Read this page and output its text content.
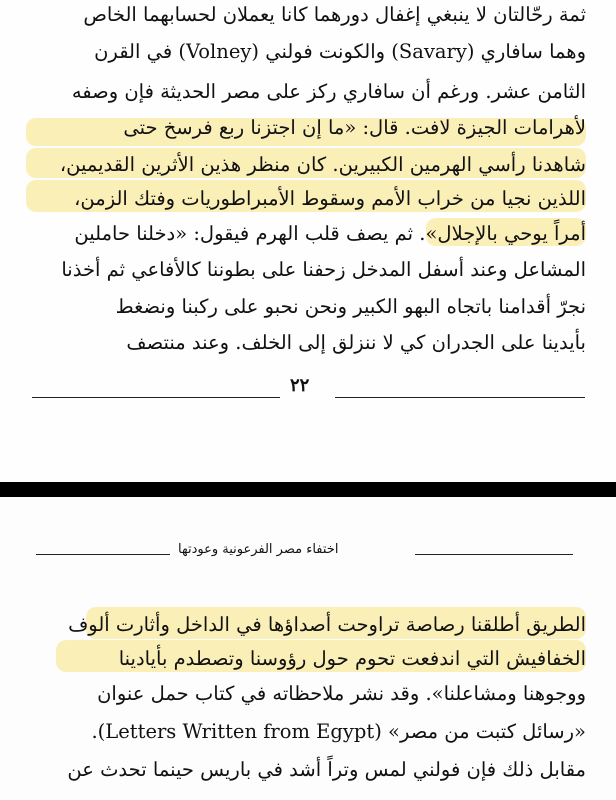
ثمة رحّالتان لا ينبغي إغفال دورهما كانا يعملان لحسابهما الخاص
وهما سافاري (Savary) والكونت فولني (Volney) في القرن
الثامن عشر. ورغم أن سافاري ركز على مصر الحديثة فإن وصفه
لأهرامات الجيزة لافت. قال: «ما إن اجتزنا ربع فرسخ حتى
شاهدنا رأسي الهرمين الكبيرين. كان منظر هذين الأثرين القديمين،
اللذين نجيا من خراب الأمم وسقوط الأمبراطوريات وفتك الزمن،
أمراً يوحي بالإجلال». ثم يصف قلب الهرم فيقول: «دخلنا حاملين
المشاعل وعند أسفل المدخل زحفنا على بطوننا كالأفاعي ثم أخذنا
نجرّ أقدامنا باتجاه البهو الكبير ونحن نحبو على ركبنا ونضغط
بأيدينا على الجدران كي لا ننزلق إلى الخلف. وعند منتصف
٢٢
اختفاء مصر الفرعونية وعودتها
الطريق أطلقنا رصاصة تراوحت أصداؤها في الداخل وأثارت ألوف
الخفافيش التي اندفعت تحوم حول رؤوسنا وتصطدم بأيادينا
ووجوهنا ومشاعلنا». وقد نشر ملاحظاته في كتاب حمل عنوان
«رسائل كتبت من مصر» (Letters Written from Egypt).
مقابل ذلك فإن فولني لمس وتراً أشد في باريس حينما تحدث عن
